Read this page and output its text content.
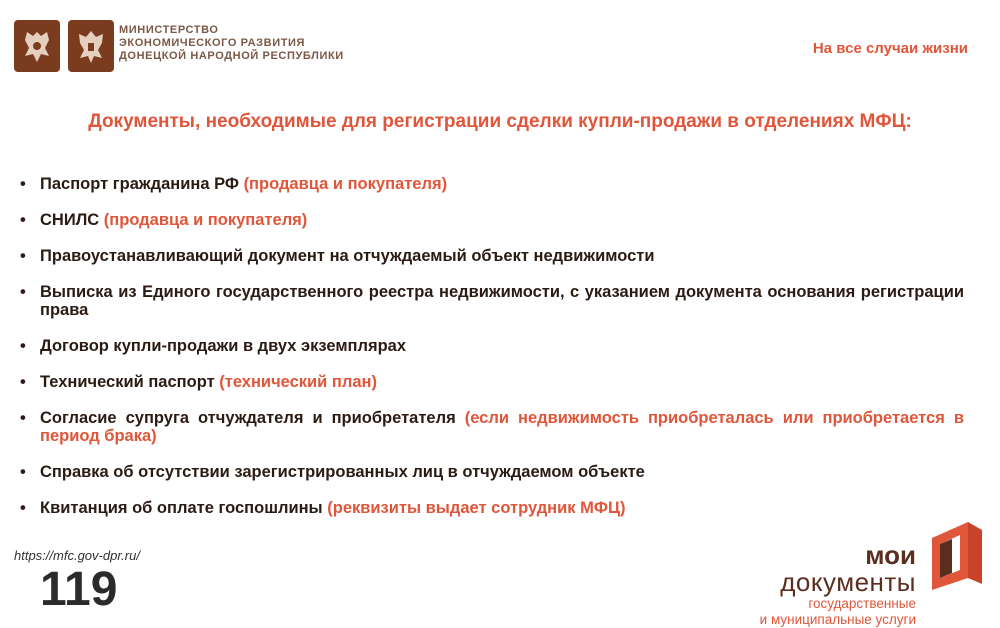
МИНИСТЕРСТВО
ЭКОНОМИЧЕСКОГО РАЗВИТИЯ
ДОНЕЦКОЙ НАРОДНОЙ РЕСПУБЛИКИ	На все случаи жизни
Документы, необходимые для регистрации сделки купли-продажи в отделениях МФЦ:
• Паспорт гражданина РФ (продавца и покупателя)
• СНИЛС (продавца и покупателя)
• Правоустанавливающий документ на отчуждаемый объект недвижимости
• Выписка из Единого государственного реестра недвижимости, с указанием документа основания регистрации права
• Договор купли-продажи в двух экземплярах
• Технический паспорт (технический план)
• Согласие супруга отчуждателя и приобретателя (если недвижимость приобреталась или приобретается в период брака)
• Справка об отсутствии зарегистрированных лиц в отчуждаемом объекте
• Квитанция об оплате госпошлины (реквизиты выдает сотрудник МФЦ)
https://mfc.gov-dpr.ru/
119
мои
документы
государственные
и муниципальные услуги
